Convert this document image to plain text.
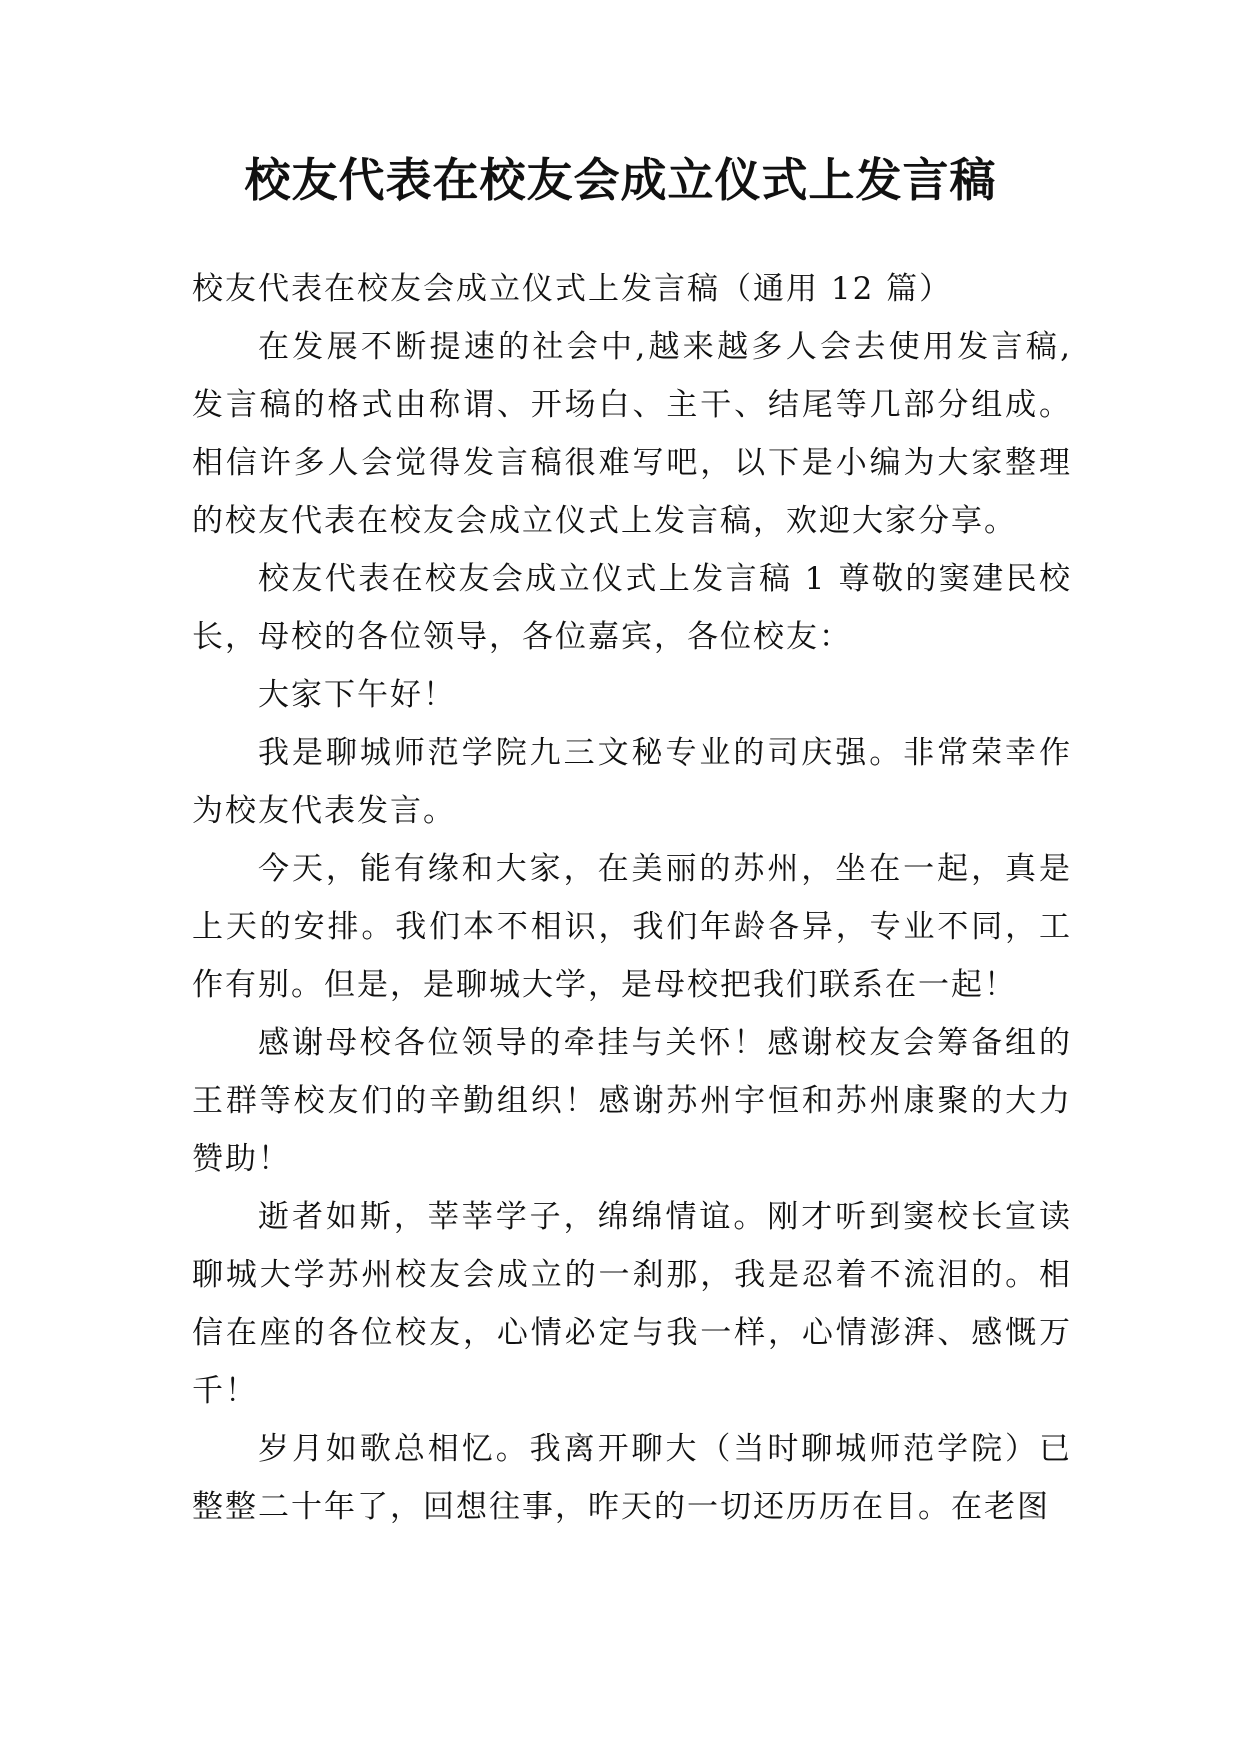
校友代表在校友会成立仪式上发言稿

校友代表在校友会成立仪式上发言稿（通用 12 篇）

在发展不断提速的社会中,越来越多人会去使用发言稿,发言稿的格式由称谓、开场白、主干、结尾等几部分组成。相信许多人会觉得发言稿很难写吧，以下是小编为大家整理的校友代表在校友会成立仪式上发言稿，欢迎大家分享。

校友代表在校友会成立仪式上发言稿 1 尊敬的窦建民校长，母校的各位领导，各位嘉宾，各位校友：

大家下午好！

我是聊城师范学院九三文秘专业的司庆强。非常荣幸作为校友代表发言。

今天，能有缘和大家，在美丽的苏州，坐在一起，真是上天的安排。我们本不相识，我们年龄各异，专业不同，工作有别。但是，是聊城大学，是母校把我们联系在一起！

感谢母校各位领导的牵挂与关怀！感谢校友会筹备组的王群等校友们的辛勤组织！感谢苏州宇恒和苏州康聚的大力赞助！

逝者如斯，莘莘学子，绵绵情谊。刚才听到窦校长宣读聊城大学苏州校友会成立的一刹那，我是忍着不流泪的。相信在座的各位校友，心情必定与我一样，心情澎湃、感慨万千！

岁月如歌总相忆。我离开聊大（当时聊城师范学院）已整整二十年了，回想往事，昨天的一切还历历在目。在老图
